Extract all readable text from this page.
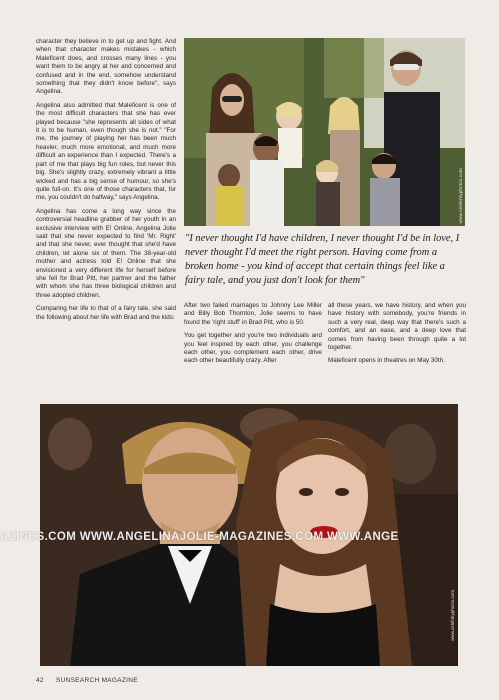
character they believe in to get up and fight. And when that character makes mistakes - which Maleficent does, and crosses many lines - you want them to be angry at her and concerned and confused and in the end, somehow understand something that they didn't know before", says Angelina.

Angelina also admitted that Maleficent is one of the most difficult characters that she has ever played because "she represents all sides of what it is to be human, even though she is not." "For me, the journey of playing her has been much heavier, much more emotional, and much more difficult an experience than I expected. There's a part of me that plays big fun roles, but never this big. She's slightly crazy, extremely vibrant a little wicked and has a big sense of humour, so she's quite full-on. It's one of those characters that, for me, you couldn't do halfway," says Angelina.

Angelina has come a long way since the controversial headline grabber of her youth in an exclusive interview with E! Online, Angelina Jolie said that she never expected to find 'Mr. Right' and that she never, ever thought that she'd have children, let alone six of them. The 38-year-old mother and actress told E! Online that she envisioned a very different life for herself before she fell for Brad Pitt, her partner and the father with whom she has three biological children and three adopted children.

Comparing her life to that of a fairy tale, she said the following about her life with Brad and the kids:

www.celebrityphotos.com
"I never thought I'd have children, I never thought I'd be in love, I never thought I'd meet the right person. Having come from a broken home - you kind of accept that certain things feel like a fairy tale, and you just don't look for them"

After two failed marriages to Johnny Lee Miller and Billy Bob Thornton, Jolie seems to have found the 'right stuff' in Brad Pitt, who is 50.

You get together and you're two individuals and you feel inspired by each other, you challenge each other, you complement each other, drive each other beautifully crazy. After

all these years, we have history, and when you have history with somebody, you're friends in such a very real, deep way that there's such a comfort, and an ease, and a deep love that comes from having been through quite a lot together.

Maleficent opens in theatres on May 30th.

www.celebrityphotos.com
AZINES.COM WWW.ANGELINAJOLIE-MAGAZINES.COM WWW.ANGE
42 SUNSEARCH MAGAZINE
